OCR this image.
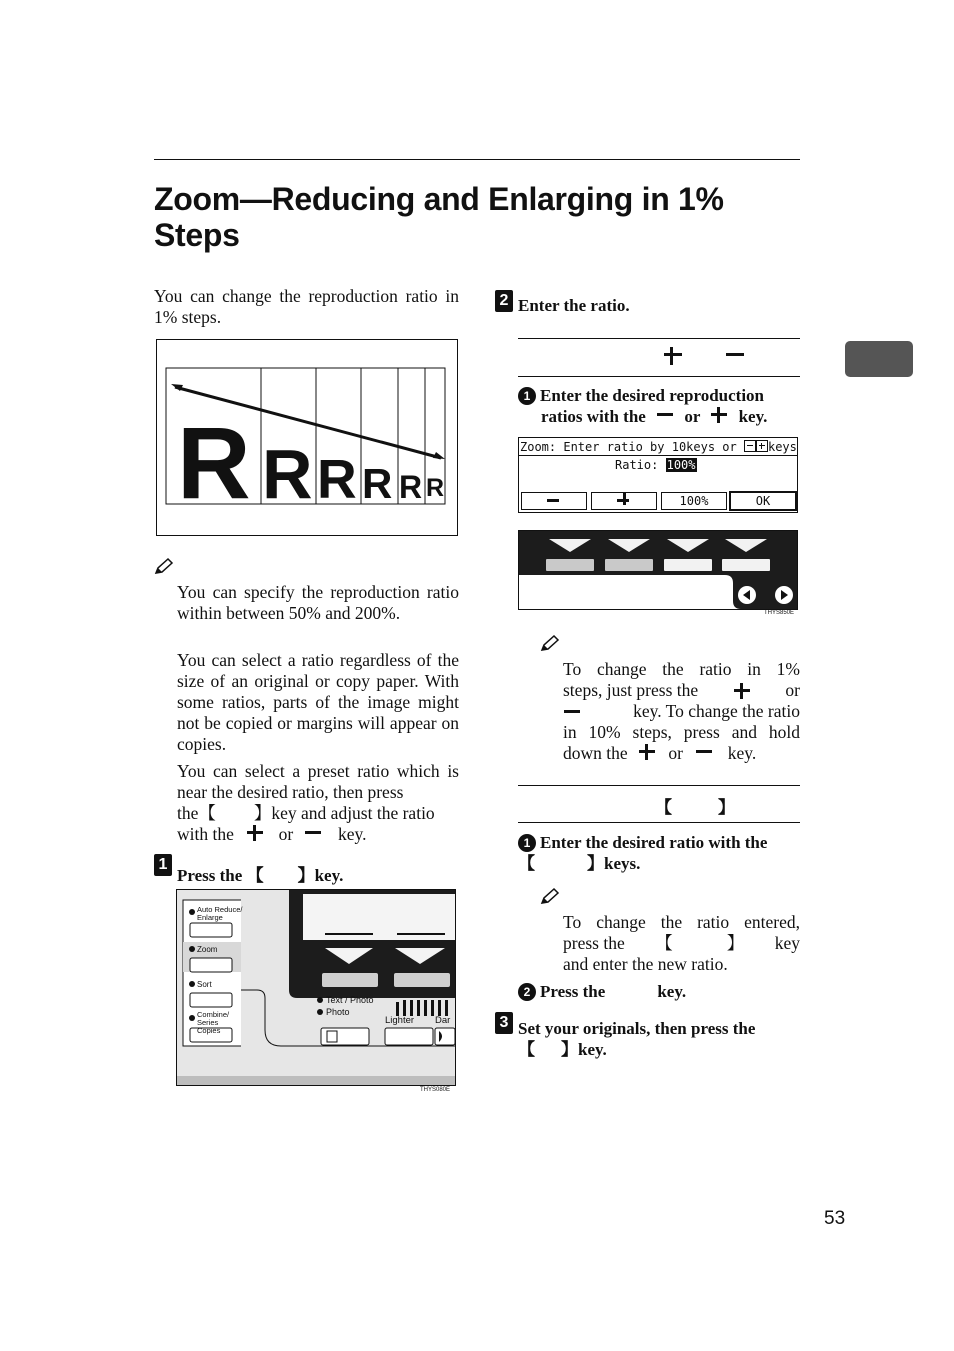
Zoom—Reducing and Enlarging in 1%
Steps
You can change the reproduction ratio in 1% steps.
R R R R R R
You can specify the reproduction ratio within between 50% and 200%.
You can select a ratio regardless of the size of an original or copy paper. With some ratios, parts of the image might not be copied or margins will appear on copies.
You can select a preset ratio which is near the desired ratio, then press
the【 】key and adjust the ratio
with the	or	key.
1
Press the 【 】key.
Auto Reduce/ Enlarge
Zoom
Sort
Combine/ Series Copies
Text / Photo
Photo
Lighter Dar
THYS080E
2 Enter the ratio.

1 Enter the desired reproduction
ratios with the or key.
Zoom: Enter ratio by 10keys or	keys
Ratio: 100%
100%	OK
THYS850E
To change the ratio in 1%
steps, just press the	or
key. To change the ratio
in 10% steps, press and hold
down the or	key.
【	】
1 Enter the desired ratio with the
【	】keys.
To change the ratio entered,
press the 【	】 key
and enter the new ratio.
2 Press the	key.
3 Set your originals, then press the
【 】key.
53
